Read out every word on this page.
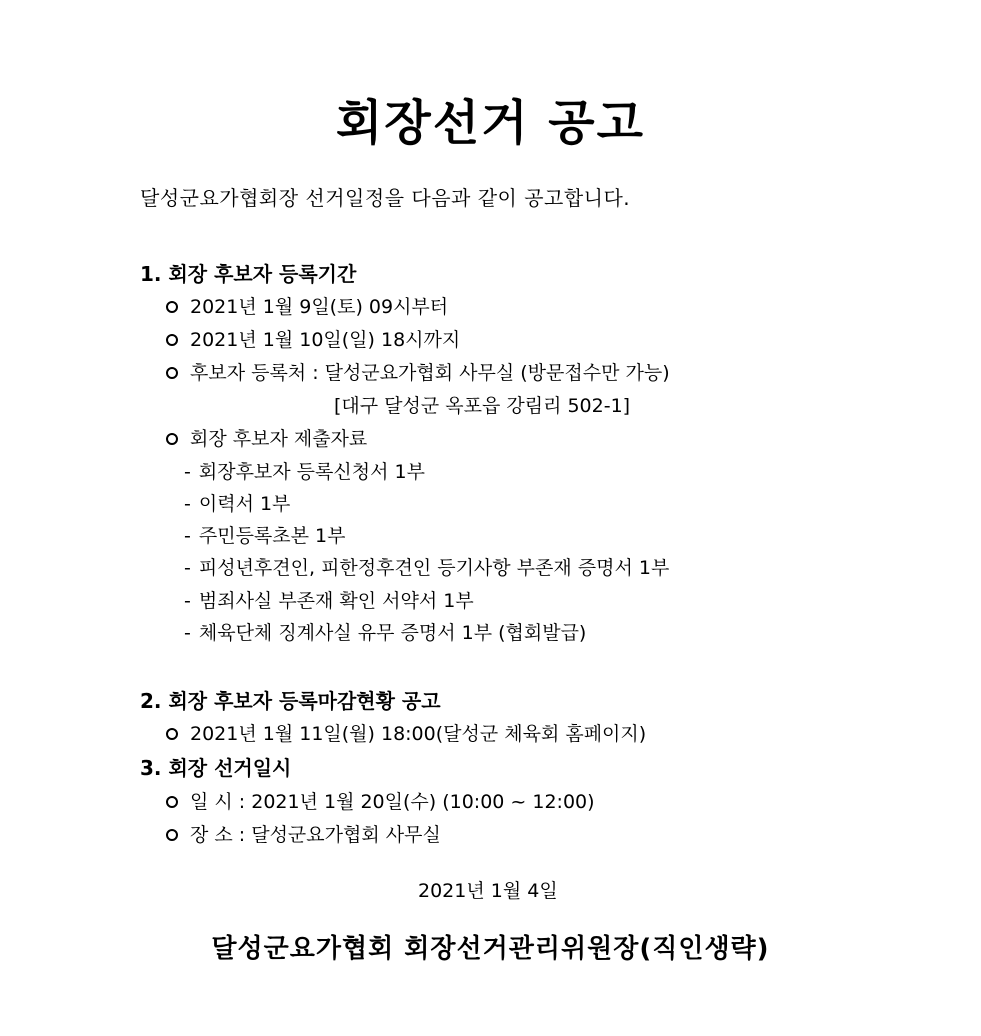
회장선거 공고
달성군요가협회장 선거일정을 다음과 같이 공고합니다.
1. 회장 후보자 등록기간
2021년 1월 9일(토) 09시부터
2021년 1월 10일(일) 18시까지
후보자 등록처 : 달성군요가협회 사무실 (방문접수만 가능)
[대구 달성군 옥포읍 강림리 502-1]
회장 후보자 제출자료
- 회장후보자 등록신청서 1부
- 이력서 1부
- 주민등록초본 1부
- 피성년후견인, 피한정후견인 등기사항 부존재 증명서 1부
- 범죄사실 부존재 확인 서약서 1부
- 체육단체 징계사실 유무 증명서 1부 (협회발급)
2. 회장 후보자 등록마감현황 공고
2021년 1월 11일(월) 18:00(달성군 체육회 홈페이지)
3. 회장 선거일시
일 시 : 2021년 1월 20일(수) (10:00 ~ 12:00)
장 소 : 달성군요가협회 사무실
2021년 1월 4일
달성군요가협회 회장선거관리위원장(직인생략)
